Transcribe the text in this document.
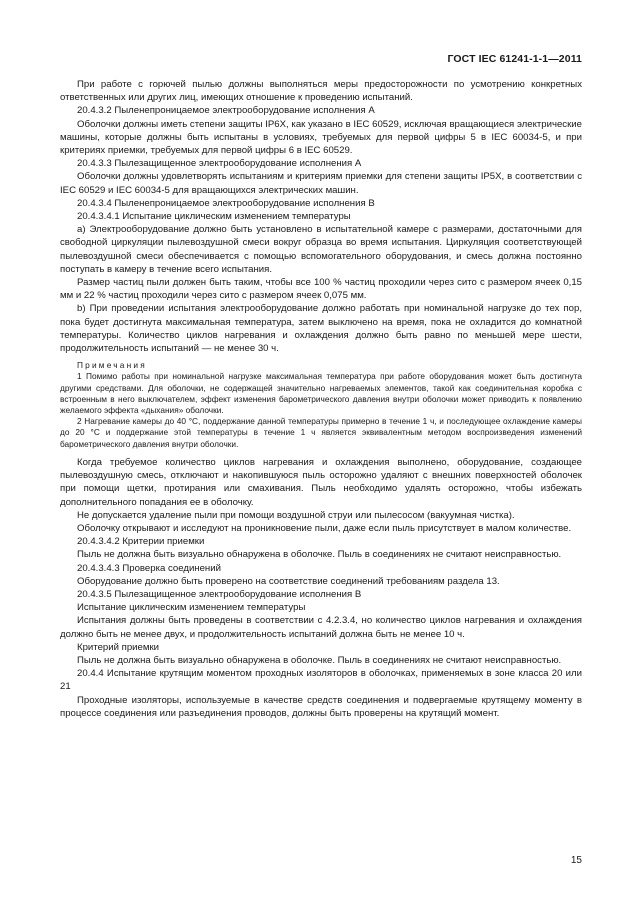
ГОСТ IEC 61241-1-1—2011

При работе с горючей пылью должны выполняться меры предосторожности по усмотрению конкретных ответственных или других лиц, имеющих отношение к проведению испытаний.

20.4.3.2 Пыленепроницаемое электрооборудование исполнения А

Оболочки должны иметь степени защиты IP6X, как указано в IEC 60529, исключая вращающиеся электрические машины, которые должны быть испытаны в условиях, требуемых для первой цифры 5 в IEC 60034-5, и при критериях приемки, требуемых для первой цифры 6 в IEC 60529.

20.4.3.3 Пылезащищенное электрооборудование исполнения А

Оболочки должны удовлетворять испытаниям и критериям приемки для степени защиты IP5X, в соответствии с IEC 60529 и IEC 60034-5 для вращающихся электрических машин.

20.4.3.4 Пыленепроницаемое электрооборудование исполнения В

20.4.3.4.1 Испытание циклическим изменением температуры

а) Электрооборудование должно быть установлено в испытательной камере с размерами, достаточными для свободной циркуляции пылевоздушной смеси вокруг образца во время испытания. Циркуляция соответствующей пылевоздушной смеси обеспечивается с помощью вспомогательного оборудования, и смесь должна постоянно поступать в камеру в течение всего испытания.

Размер частиц пыли должен быть таким, чтобы все 100 % частиц проходили через сито с размером ячеек 0,15 мм и 22 % частиц проходили через сито с размером ячеек 0,075 мм.

b) При проведении испытания электрооборудование должно работать при номинальной нагрузке до тех пор, пока будет достигнута максимальная температура, затем выключено на время, пока не охладится до комнатной температуры. Количество циклов нагревания и охлаждения должно быть равно по меньшей мере шести, продолжительность испытаний — не менее 30 ч.

Примечания

1 Помимо работы при номинальной нагрузке максимальная температура при работе оборудования может быть достигнута другими средствами. Для оболочки, не содержащей значительно нагреваемых элементов, такой как соединительная коробка с встроенным в него выключателем, эффект изменения барометрического давления внутри оболочки может приводить к появлению желаемого эффекта «дыхания» оболочки.

2 Нагревание камеры до 40 °С, поддержание данной температуры примерно в течение 1 ч, и последующее охлаждение камеры до 20 °С и поддержание этой температуры в течение 1 ч является эквивалентным методом воспроизведения изменений барометрического давления внутри оболочки.

Когда требуемое количество циклов нагревания и охлаждения выполнено, оборудование, создающее пылевоздушную смесь, отключают и накопившуюся пыль осторожно удаляют с внешних поверхностей оболочек при помощи щетки, протирания или смахивания. Пыль необходимо удалять осторожно, чтобы избежать дополнительного попадания ее в оболочку.

Не допускается удаление пыли при помощи воздушной струи или пылесосом (вакуумная чистка).

Оболочку открывают и исследуют на проникновение пыли, даже если пыль присутствует в малом количестве.

20.4.3.4.2 Критерии приемки

Пыль не должна быть визуально обнаружена в оболочке. Пыль в соединениях не считают неисправностью.

20.4.3.4.3 Проверка соединений

Оборудование должно быть проверено на соответствие соединений требованиям раздела 13.

20.4.3.5 Пылезащищенное электрооборудование исполнения В

Испытание циклическим изменением температуры

Испытания должны быть проведены в соответствии с 4.2.3.4, но количество циклов нагревания и охлаждения должно быть не менее двух, и продолжительность испытаний должна быть не менее 10 ч.

Критерий приемки

Пыль не должна быть визуально обнаружена в оболочке. Пыль в соединениях не считают неисправностью.

20.4.4 Испытание крутящим моментом проходных изоляторов в оболочках, применяемых в зоне класса 20 или 21

Проходные изоляторы, используемые в качестве средств соединения и подвергаемые крутящему моменту в процессе соединения или разъединения проводов, должны быть проверены на крутящий момент.

15
